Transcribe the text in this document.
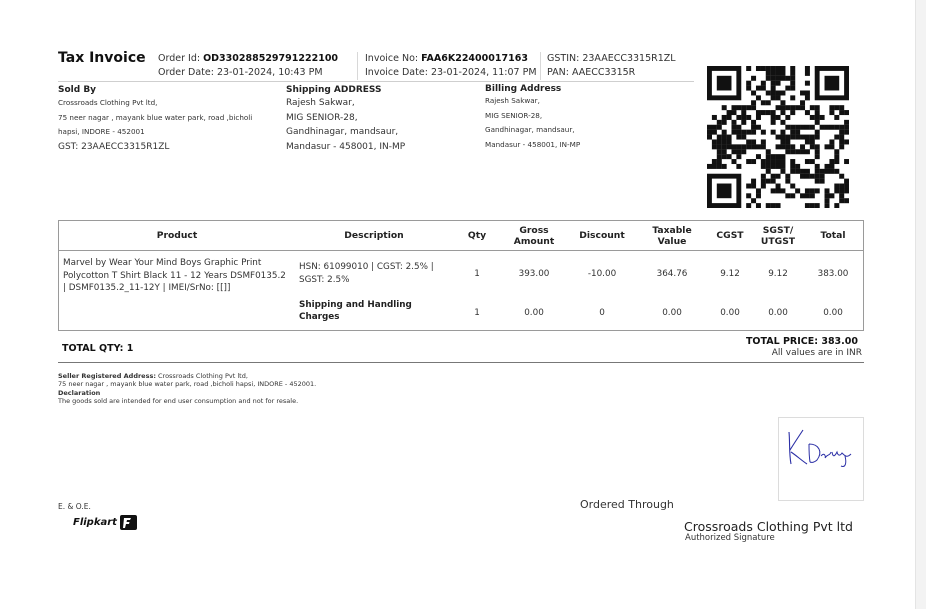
Tax Invoice Order Id: OD330288529791222100
Order Date: 23-01-2024, 10:43 PM
Invoice No: FAA6K22400017163
Invoice Date: 23-01-2024, 11:07 PM
GSTIN: 23AAECC3315R1ZL
PAN: AAECC3315R
Sold By
Crossroads Clothing Pvt ltd,
75 neer nagar , mayank blue water park, road ,bicholi
hapsi, INDORE - 452001
GST: 23AAECC3315R1ZL
Shipping ADDRESS
Rajesh Sakwar,
MIG SENIOR-28,
Gandhinagar, mandsaur,
Mandasur - 458001, IN-MP
Billing Address
Rajesh Sakwar,
MIG SENIOR-28,
Gandhinagar, mandsaur,
Mandasur - 458001, IN-MP
Product	Description	Qty	Gross Amount	Discount	Taxable Value	CGST	SGST/ UTGST	Total
Marvel by Wear Your Mind Boys Graphic Print Polycotton T Shirt Black 11 - 12 Years DSMF0135.2 | DSMF0135.2_11-12Y | IMEI/SrNo: [[]]	HSN: 61099010 | CGST: 2.5% | SGST: 2.5%	1	393.00	-10.00	364.76	9.12	9.12	383.00
	Shipping and Handling Charges	1	0.00	0	0.00	0.00	0.00	0.00
TOTAL QTY: 1
TOTAL PRICE: 383.00
All values are in INR
Seller Registered Address: Crossroads Clothing Pvt ltd,
75 neer nagar , mayank blue water park, road ,bicholi hapsi, INDORE - 452001.
Declaration
The goods sold are intended for end user consumption and not for resale.
E. & O.E.
Flipkart
Ordered Through
Crossroads Clothing Pvt ltd
Authorized Signature
